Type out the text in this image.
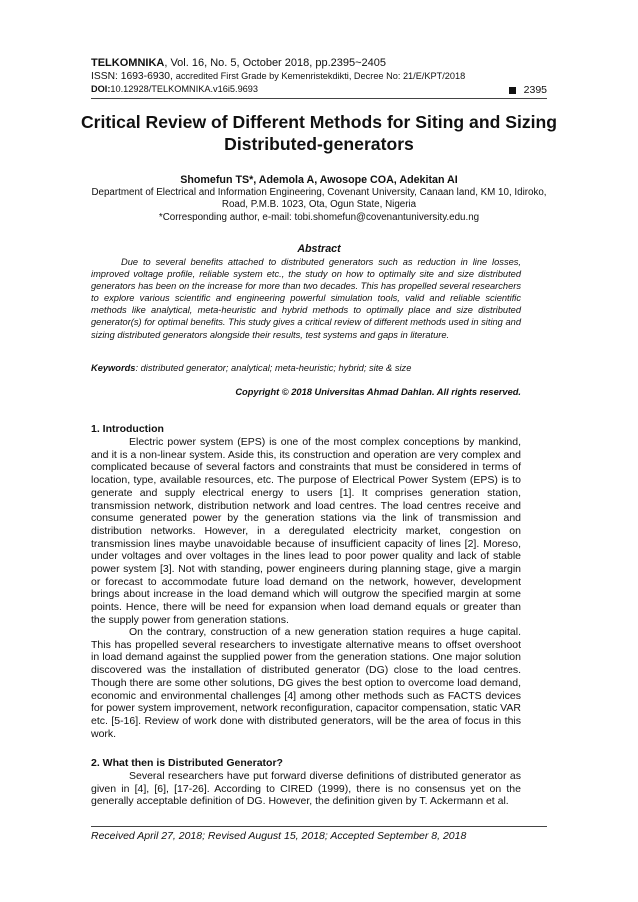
TELKOMNIKA, Vol. 16, No. 5, October 2018, pp.2395~2405
ISSN: 1693-6930, accredited First Grade by Kemenristekdikti, Decree No: 21/E/KPT/2018
DOI:10.12928/TELKOMNIKA.v16i5.9693	2395
Critical Review of Different Methods for Siting and Sizing Distributed-generators
Shomefun TS*, Ademola A, Awosope COA, Adekitan AI
Department of Electrical and Information Engineering, Covenant University, Canaan land, KM 10, Idiroko, Road, P.M.B. 1023, Ota, Ogun State, Nigeria
*Corresponding author, e-mail: tobi.shomefun@covenantuniversity.edu.ng
Abstract
Due to several benefits attached to distributed generators such as reduction in line losses, improved voltage profile, reliable system etc., the study on how to optimally site and size distributed generators has been on the increase for more than two decades. This has propelled several researchers to explore various scientific and engineering powerful simulation tools, valid and reliable scientific methods like analytical, meta-heuristic and hybrid methods to optimally place and size distributed generator(s) for optimal benefits. This study gives a critical review of different methods used in siting and sizing distributed generators alongside their results, test systems and gaps in literature.
Keywords: distributed generator; analytical; meta-heuristic; hybrid; site & size
Copyright © 2018 Universitas Ahmad Dahlan. All rights reserved.
1. Introduction
Electric power system (EPS) is one of the most complex conceptions by mankind, and it is a non-linear system. Aside this, its construction and operation are very complex and complicated because of several factors and constraints that must be considered in terms of location, type, available resources, etc. The purpose of Electrical Power System (EPS) is to generate and supply electrical energy to users [1]. It comprises generation station, transmission network, distribution network and load centres. The load centres receive and consume generated power by the generation stations via the link of transmission and distribution networks. However, in a deregulated electricity market, congestion on transmission lines maybe unavoidable because of insufficient capacity of lines [2]. Moreso, under voltages and over voltages in the lines lead to poor power quality and lack of stable power system [3]. Not with standing, power engineers during planning stage, give a margin or forecast to accommodate future load demand on the network, however, development brings about increase in the load demand which will outgrow the specified margin at some points. Hence, there will be need for expansion when load demand equals or greater than the supply power from generation stations.
On the contrary, construction of a new generation station requires a huge capital. This has propelled several researchers to investigate alternative means to offset overshoot in load demand against the supplied power from the generation stations. One major solution discovered was the installation of distributed generator (DG) close to the load centres. Though there are some other solutions, DG gives the best option to overcome load demand, economic and environmental challenges [4] among other methods such as FACTS devices for power system improvement, network reconfiguration, capacitor compensation, static VAR etc. [5-16]. Review of work done with distributed generators, will be the area of focus in this work.
2. What then is Distributed Generator?
Several researchers have put forward diverse definitions of distributed generator as given in [4], [6], [17-26]. According to CIRED (1999), there is no consensus yet on the generally acceptable definition of DG. However, the definition given by T. Ackermann et al.
Received April 27, 2018; Revised August 15, 2018; Accepted September 8, 2018
